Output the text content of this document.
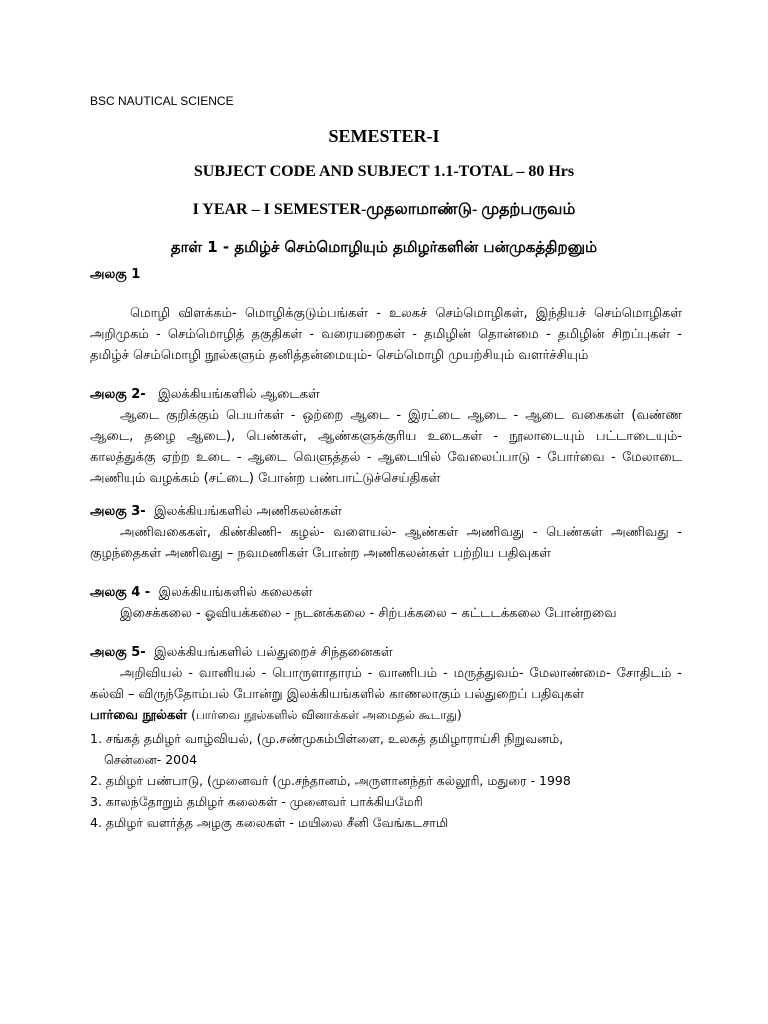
BSC NAUTICAL SCIENCE
SEMESTER-I
SUBJECT CODE AND SUBJECT 1.1-TOTAL – 80 Hrs
I YEAR – I SEMESTER-முதலாமாண்டு- முதற்பருவம்
தாள் 1 - தமிழ்ச் செம்மொழியும் தமிழர்களின் பன்முகத்திறனும்
அலகு 1

மொழி விளக்கம்- மொழிக்குடும்பங்கள் - உலகச் செம்மொழிகள், இந்தியச் செம்மொழிகள் அறிமுகம் - செம்மொழித் தகுதிகள் - வரையறைகள் - தமிழின் தொன்மை - தமிழின் சிறப்புகள் - தமிழ்ச் செம்மொழி நூல்களும் தனித்தன்மையும்- செம்மொழி முயற்சியும் வளர்ச்சியும்

அலகு 2- இலக்கியங்களில் ஆடைகள்

ஆடை குறிக்கும் பெயர்கள் - ஒற்றை ஆடை - இரட்டை ஆடை - ஆடை வகைகள் (வண்ண ஆடை, தழை ஆடை), பெண்கள், ஆண்களுக்குரிய உடைகள் - நூலாடையும் பட்டாடையும்- காலத்துக்கு ஏற்ற உடை - ஆடை வெளுத்தல் - ஆடையில் வேலைப்பாடு - போர்வை - மேலாடை அணியும் வழக்கம் (சட்டை) போன்ற பண்பாட்டுச்செய்திகள்

அலகு 3- இலக்கியங்களில் அணிகலன்கள்

அணிவகைகள், கிண்கிணி- கழல்- வளையல்- ஆண்கள் அணிவது - பெண்கள் அணிவது - குழந்தைகள் அணிவது – நவமணிகள் போன்ற அணிகலன்கள் பற்றிய பதிவுகள்

அலகு 4 - இலக்கியங்களில் கலைகள்

இசைக்கலை - ஓவியக்கலை - நடனக்கலை - சிற்பக்கலை – கட்டடக்கலை போன்றவை

அலகு 5- இலக்கியங்களில் பல்துறைச் சிந்தனைகள்

அறிவியல் - வானியல் - பொருளாதாரம் - வாணிபம் - மருத்துவம்- மேலாண்மை- சோதிடம் - கல்வி – விருந்தோம்பல் போன்று இலக்கியங்களில் காணலாகும் பல்துறைப் பதிவுகள்

பார்வை நூல்கள் (பார்வை நூல்களில் வினாக்கள் அமைதல் கூடாது)
1. சங்கத் தமிழர் வாழ்வியல், (மு.சண்முகம்பிள்ளை, உலகத் தமிழாராய்சி நிறுவனம்,
சென்னை- 2004
2. தமிழர் பண்பாடு, (முனைவர் (மு.சந்தானம், அருளானந்தர் கல்லூரி, மதுரை - 1998
3. காலந்தோறும் தமிழர் கலைகள் - முனைவர் பாக்கியமேரி
4. தமிழர் வளர்த்த அழகு கலைகள் - மயிலை சீனி வேங்கடசாமி
